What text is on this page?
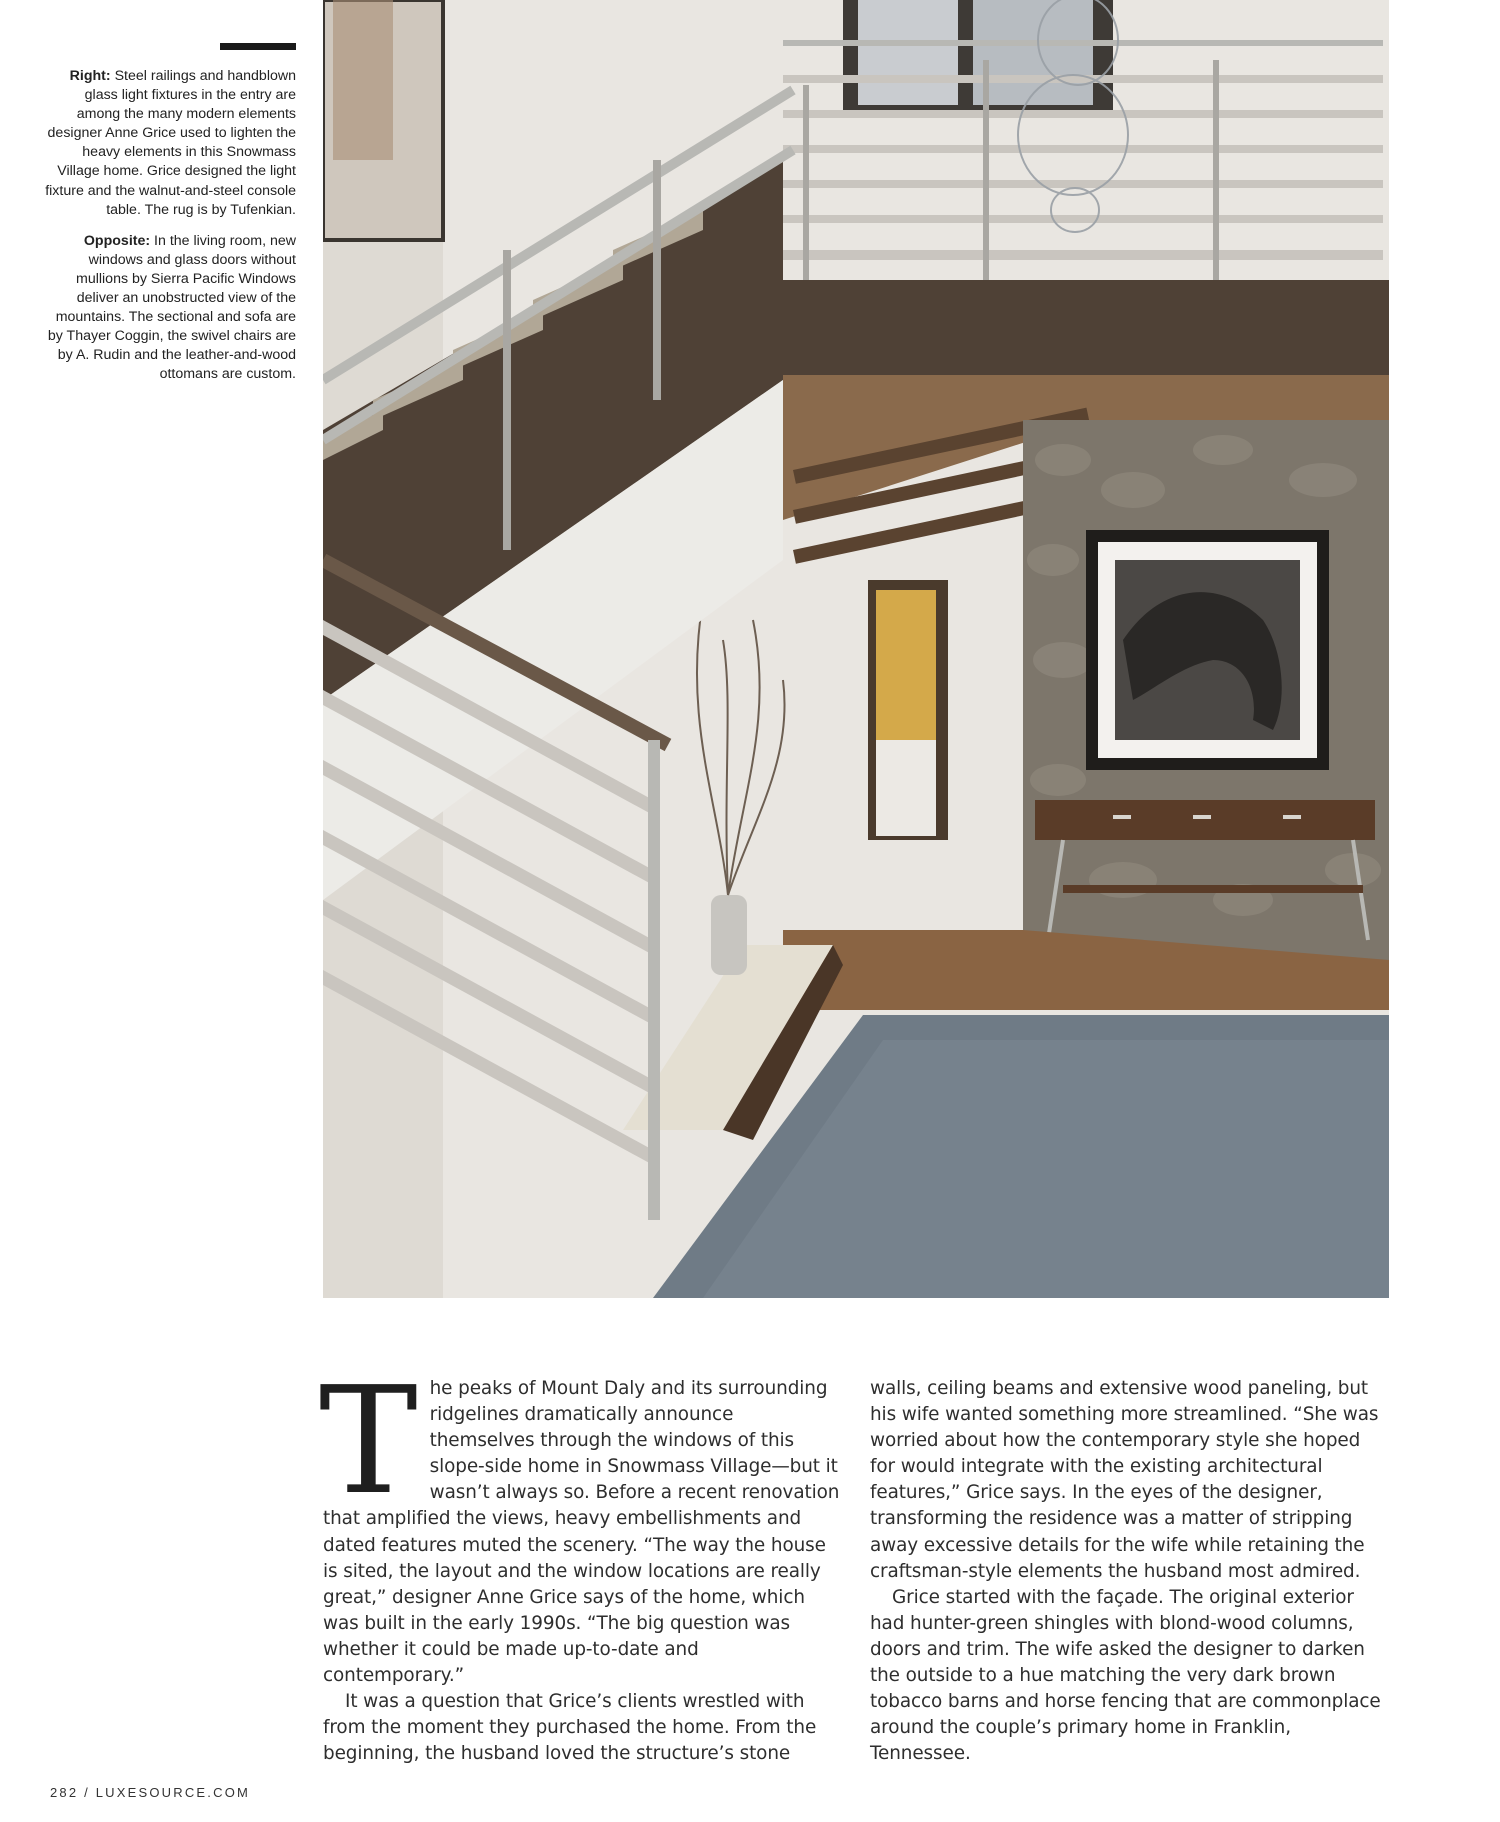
Right: Steel railings and handblown glass light fixtures in the entry are among the many modern elements designer Anne Grice used to lighten the heavy elements in this Snowmass Village home. Grice designed the light fixture and the walnut-and-steel console table. The rug is by Tufenkian.

Opposite: In the living room, new windows and glass doors without mullions by Sierra Pacific Windows deliver an unobstructed view of the mountains. The sectional and sofa are by Thayer Coggin, the swivel chairs are by A. Rudin and the leather-and-wood ottomans are custom.

T he peaks of Mount Daly and its surrounding ridgelines dramatically announce themselves through the windows of this slope-side home in Snowmass Village—but it wasn’t always so. Before a recent renovation that amplified the views, heavy embellishments and dated features muted the scenery. “The way the house is sited, the layout and the window locations are really great,” designer Anne Grice says of the home, which was built in the early 1990s. “The big question was whether it could be made up-to-date and contemporary.”

It was a question that Grice’s clients wrestled with from the moment they purchased the home. From the beginning, the husband loved the structure’s stone

walls, ceiling beams and extensive wood paneling, but his wife wanted something more streamlined. “She was worried about how the contemporary style she hoped for would integrate with the existing architectural features,” Grice says. In the eyes of the designer, transforming the residence was a matter of stripping away excessive details for the wife while retaining the craftsman-style elements the husband most admired.

Grice started with the façade. The original exterior had hunter-green shingles with blond-wood columns, doors and trim. The wife asked the designer to darken the outside to a hue matching the very dark brown tobacco barns and horse fencing that are commonplace around the couple’s primary home in Franklin, Tennessee.

282 / LUXESOURCE.COM
